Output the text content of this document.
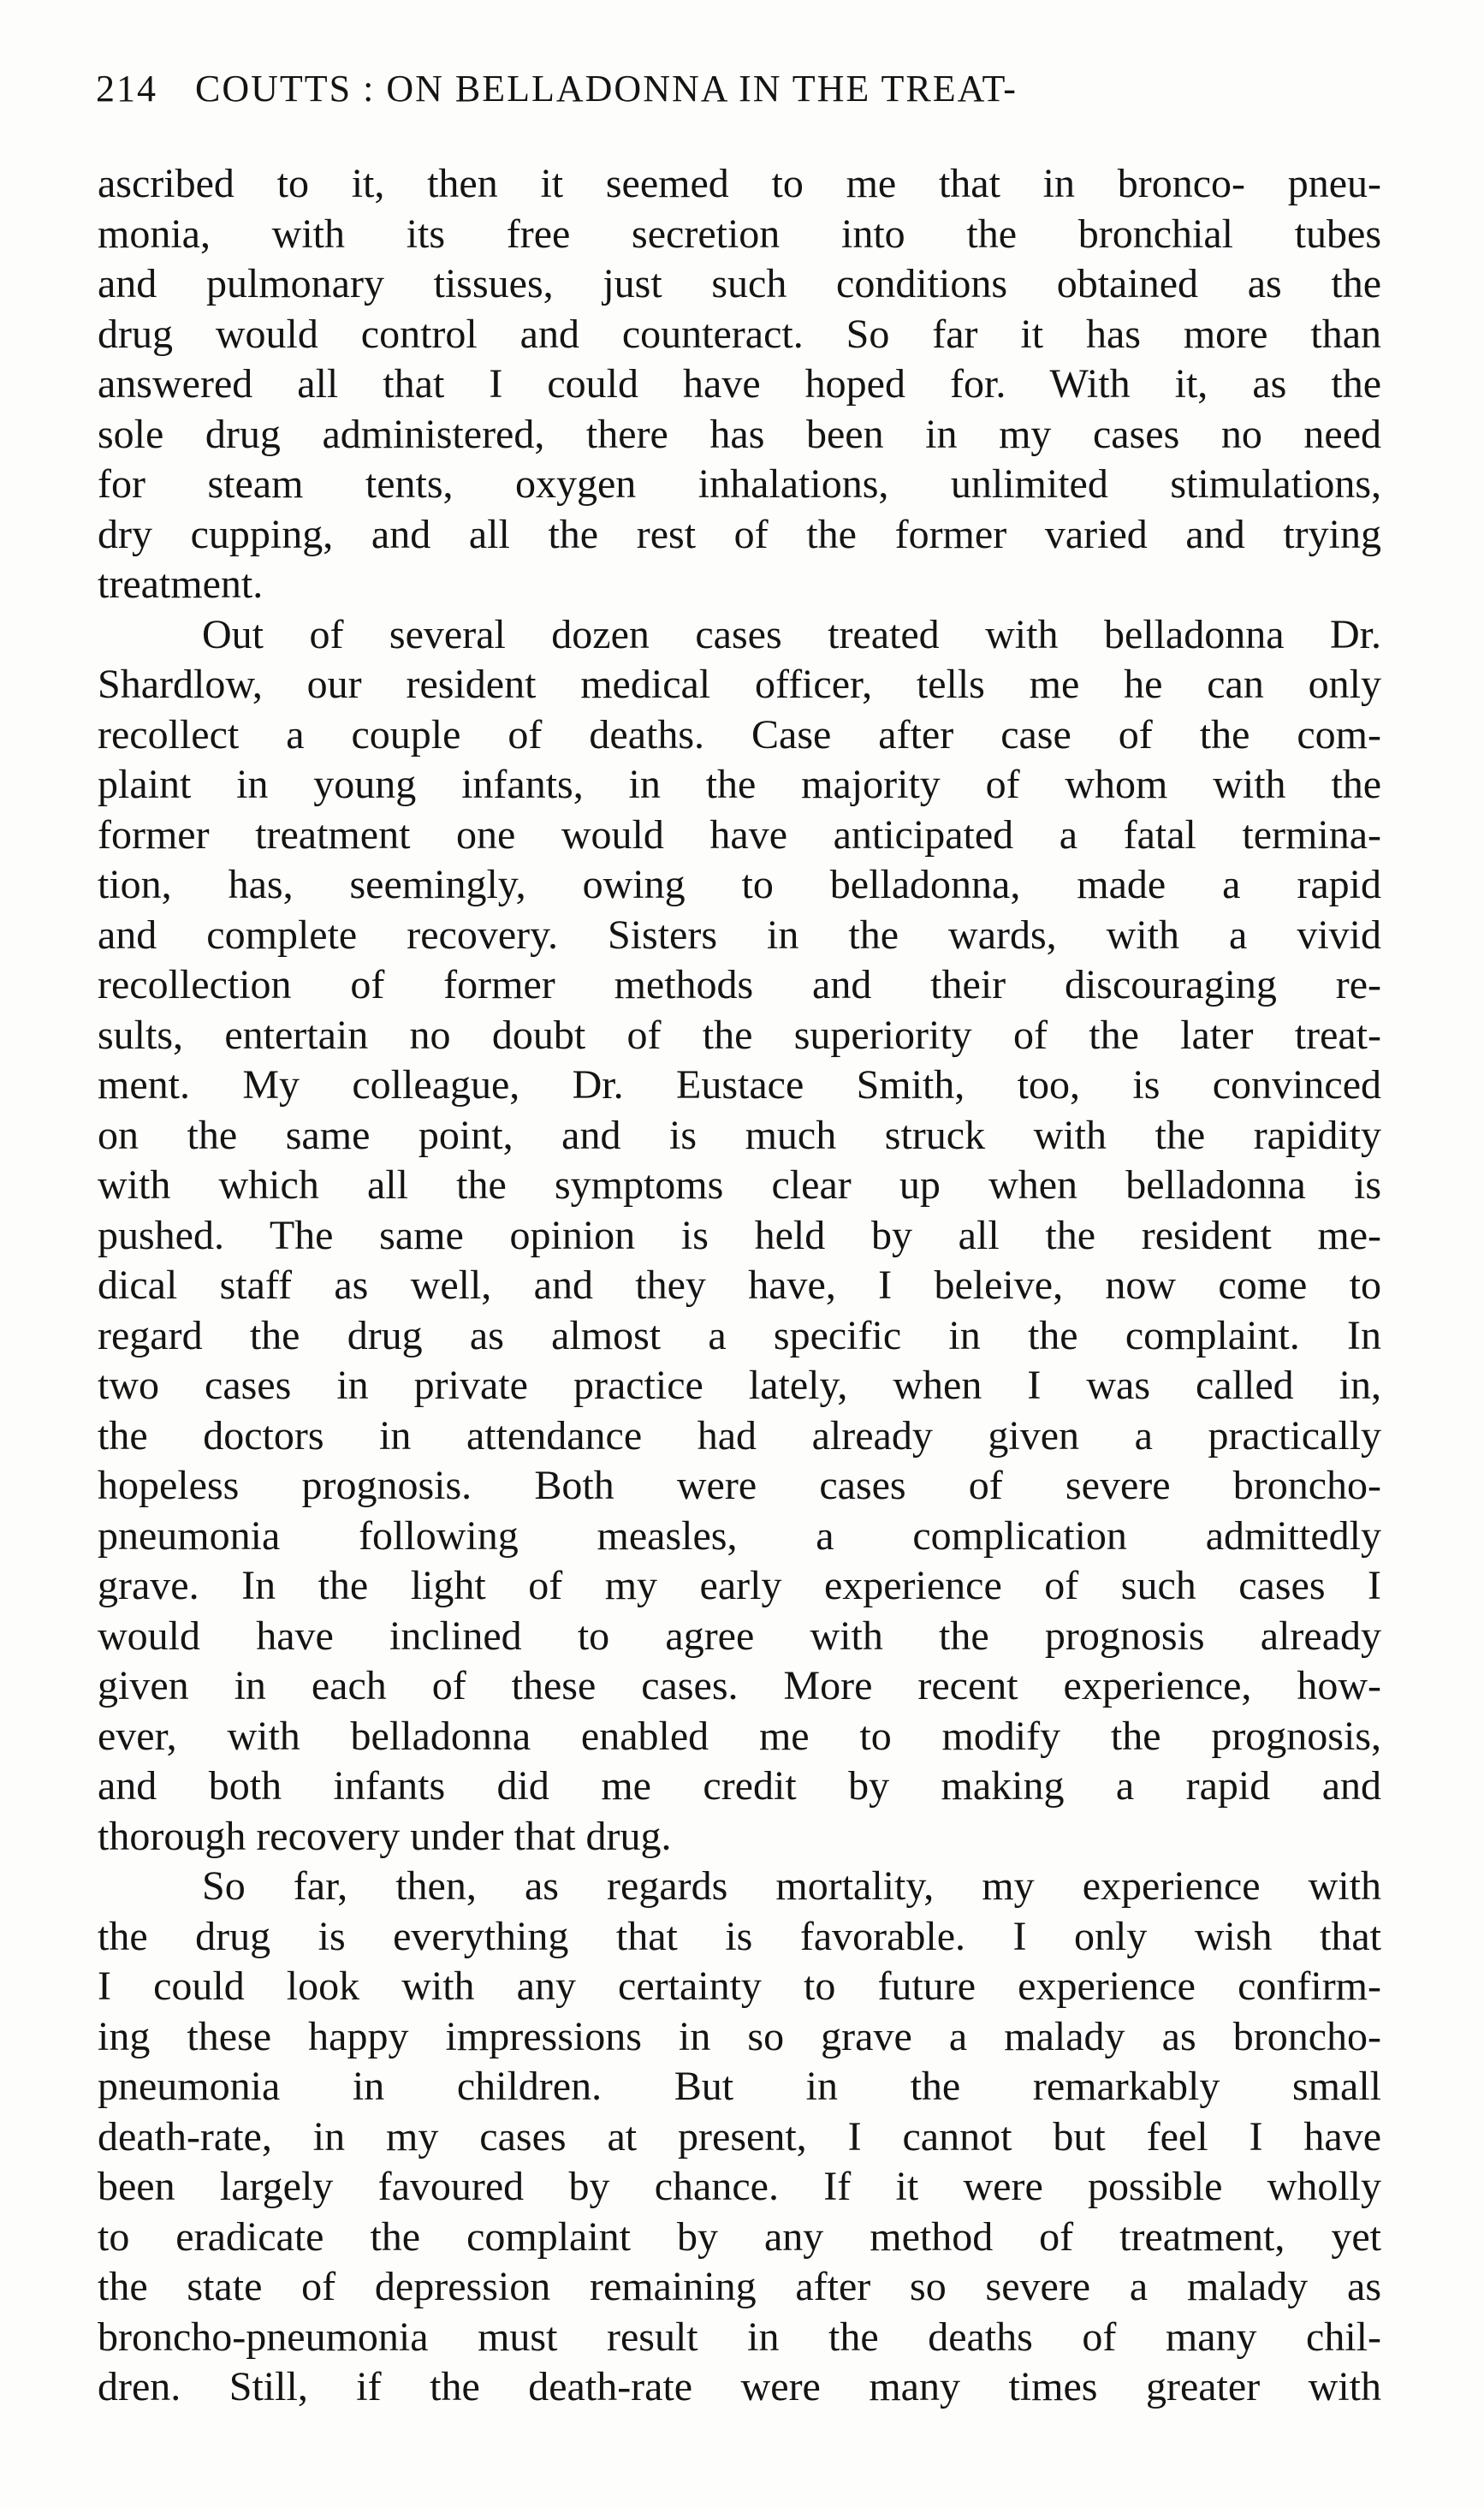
214 COUTTS : ON BELLADONNA IN THE TREAT-
ascribed to it, then it seemed to me that in bronco- pneu-
monia, with its free secretion into the bronchial tubes
and pulmonary tissues, just such conditions obtained as the
drug would control and counteract. So far it has more than
answered all that I could have hoped for. With it, as the
sole drug administered, there has been in my cases no need
for steam tents, oxygen inhalations, unlimited stimulations,
dry cupping, and all the rest of the former varied and trying
treatment.
Out of several dozen cases treated with belladonna Dr.
Shardlow, our resident medical officer, tells me he can only
recollect a couple of deaths. Case after case of the com-
plaint in young infants, in the majority of whom with the
former treatment one would have anticipated a fatal termina-
tion, has, seemingly, owing to belladonna, made a rapid
and complete recovery. Sisters in the wards, with a vivid
recollection of former methods and their discouraging re-
sults, entertain no doubt of the superiority of the later treat-
ment. My colleague, Dr. Eustace Smith, too, is convinced
on the same point, and is much struck with the rapidity
with which all the symptoms clear up when belladonna is
pushed. The same opinion is held by all the resident me-
dical staff as well, and they have, I beleive, now come to
regard the drug as almost a specific in the complaint. In
two cases in private practice lately, when I was called in,
the doctors in attendance had already given a practically
hopeless prognosis. Both were cases of severe broncho-
pneumonia following measles, a complication admittedly
grave. In the light of my early experience of such cases I
would have inclined to agree with the prognosis already
given in each of these cases. More recent experience, how-
ever, with belladonna enabled me to modify the prognosis,
and both infants did me credit by making a rapid and
thorough recovery under that drug.
So far, then, as regards mortality, my experience with
the drug is everything that is favorable. I only wish that
I could look with any certainty to future experience confirm-
ing these happy impressions in so grave a malady as broncho-
pneumonia in children. But in the remarkably small
death-rate, in my cases at present, I cannot but feel I have
been largely favoured by chance. If it were possible wholly
to eradicate the complaint by any method of treatment, yet
the state of depression remaining after so severe a malady as
broncho-pneumonia must result in the deaths of many chil-
dren. Still, if the death-rate were many times greater with
